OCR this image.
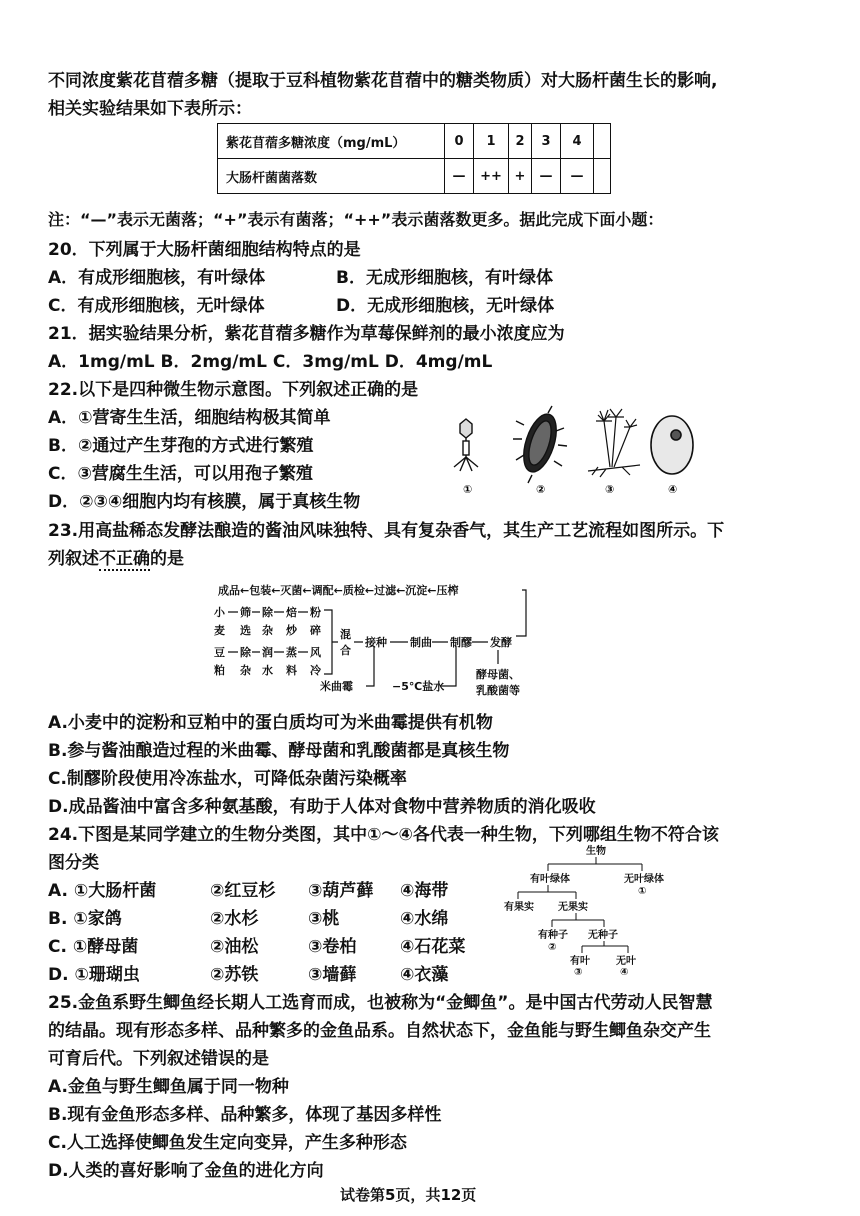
不同浓度紫花苜蓿多糖（提取于豆科植物紫花苜蓿中的糖类物质）对大肠杆菌生长的影响,
相关实验结果如下表所示：
紫花苜蓿多糖浓度（mg/mL）	0	1	2	3	4	
大肠杆菌菌落数	—	++	+	—	—	
注：“—”表示无菌落；“+”表示有菌落；“++”表示菌落数更多。据此完成下面小题：
20．下列属于大肠杆菌细胞结构特点的是
A．有成形细胞核，有叶绿体	B．无成形细胞核，有叶绿体
C．有成形细胞核，无叶绿体	D．无成形细胞核，无叶绿体
21．据实验结果分析，紫花苜蓿多糖作为草莓保鲜剂的最小浓度应为
A．1mg/mL B．2mg/mL C．3mg/mL D．4mg/mL
22.以下是四种微生物示意图。下列叙述正确的是
A．①营寄生生活，细胞结构极其简单
B．②通过产生芽孢的方式进行繁殖
C．③营腐生生活，可以用孢子繁殖
D．②③④细胞内均有核膜，属于真核生物
①	②	③	④
23.用高盐稀态发酵法酿造的酱油风味独特、具有复杂香气，其生产工艺流程如图所示。下
列叙述不正确的是
成品←包装←灭菌←调配←质检←过滤←沉淀←压榨
小 筛 除 焙 粉
麦 选 杂 炒 碎
豆 除 润 蒸 风
粕 杂 水 料 冷
混
合
接种 制曲 制醪 发酵
米曲霉	−5℃盐水
酵母菌、
乳酸菌等
A.小麦中的淀粉和豆粕中的蛋白质均可为米曲霉提供有机物
B.参与酱油酿造过程的米曲霉、酵母菌和乳酸菌都是真核生物
C.制醪阶段使用冷冻盐水，可降低杂菌污染概率
D.成品酱油中富含多种氨基酸，有助于人体对食物中营养物质的消化吸收
24.下图是某同学建立的生物分类图，其中①～④各代表一种生物，下列哪组生物不符合该
图分类
A. ①大肠杆菌	②红豆杉 ③葫芦藓 ④海带
B. ①家鸽	②水杉	③桃	④水绵
C. ①酵母菌	②油松	③卷柏	④石花菜
D. ①珊瑚虫	②苏铁	③墙藓	④衣藻
生物
有叶绿体	无叶绿体
①
有果实 无果实
有种子 无种子
②
有叶	无叶
③	④
25.金鱼系野生鲫鱼经长期人工选育而成，也被称为“金鲫鱼”。是中国古代劳动人民智慧
的结晶。现有形态多样、品种繁多的金鱼品系。自然状态下，金鱼能与野生鲫鱼杂交产生
可育后代。下列叙述错误的是
A.金鱼与野生鲫鱼属于同一物种
B.现有金鱼形态多样、品种繁多，体现了基因多样性
C.人工选择使鲫鱼发生定向变异，产生多种形态
D.人类的喜好影响了金鱼的进化方向
试卷第5页，共12页
